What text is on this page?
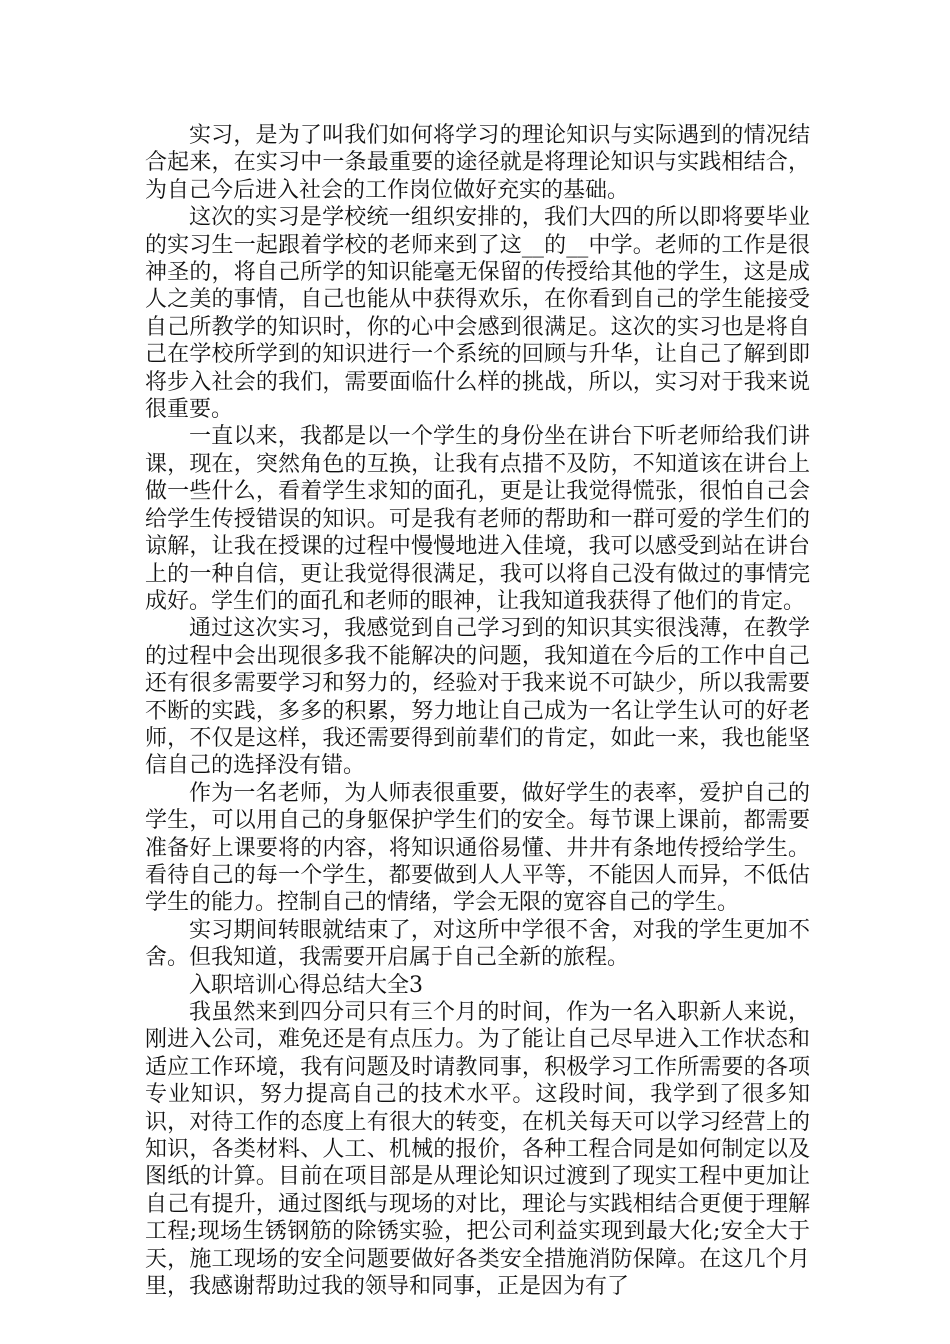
实习，是为了叫我们如何将学习的理论知识与实际遇到的情况结合起来，在实习中一条最重要的途径就是将理论知识与实践相结合，为自己今后进入社会的工作岗位做好充实的基础。

这次的实习是学校统一组织安排的，我们大四的所以即将要毕业的实习生一起跟着学校的老师来到了这__的__中学。老师的工作是很神圣的，将自己所学的知识能毫无保留的传授给其他的学生，这是成人之美的事情，自己也能从中获得欢乐，在你看到自己的学生能接受自己所教学的知识时，你的心中会感到很满足。这次的实习也是将自己在学校所学到的知识进行一个系统的回顾与升华，让自己了解到即将步入社会的我们，需要面临什么样的挑战，所以，实习对于我来说很重要。

一直以来，我都是以一个学生的身份坐在讲台下听老师给我们讲课，现在，突然角色的互换，让我有点措不及防，不知道该在讲台上做一些什么，看着学生求知的面孔，更是让我觉得慌张，很怕自己会给学生传授错误的知识。可是我有老师的帮助和一群可爱的学生们的谅解，让我在授课的过程中慢慢地进入佳境，我可以感受到站在讲台上的一种自信，更让我觉得很满足，我可以将自己没有做过的事情完成好。学生们的面孔和老师的眼神，让我知道我获得了他们的肯定。

通过这次实习，我感觉到自己学习到的知识其实很浅薄，在教学的过程中会出现很多我不能解决的问题，我知道在今后的工作中自己还有很多需要学习和努力的，经验对于我来说不可缺少，所以我需要不断的实践，多多的积累，努力地让自己成为一名让学生认可的好老师，不仅是这样，我还需要得到前辈们的肯定，如此一来，我也能坚信自己的选择没有错。

作为一名老师，为人师表很重要，做好学生的表率，爱护自己的学生，可以用自己的身躯保护学生们的安全。每节课上课前，都需要准备好上课要将的内容，将知识通俗易懂、井井有条地传授给学生。看待自己的每一个学生，都要做到人人平等，不能因人而异，不低估学生的能力。控制自己的情绪，学会无限的宽容自己的学生。

实习期间转眼就结束了，对这所中学很不舍，对我的学生更加不舍。但我知道，我需要开启属于自己全新的旅程。

入职培训心得总结大全3

我虽然来到四分司只有三个月的时间，作为一名入职新人来说，刚进入公司，难免还是有点压力。为了能让自己尽早进入工作状态和适应工作环境，我有问题及时请教同事，积极学习工作所需要的各项专业知识，努力提高自己的技术水平。这段时间，我学到了很多知识，对待工作的态度上有很大的转变，在机关每天可以学习经营上的知识，各类材料、人工、机械的报价，各种工程合同是如何制定以及图纸的计算。目前在项目部是从理论知识过渡到了现实工程中更加让自己有提升，通过图纸与现场的对比，理论与实践相结合更便于理解工程;现场生锈钢筋的除锈实验，把公司利益实现到最大化;安全大于天，施工现场的安全问题要做好各类安全措施消防保障。在这几个月里，我感谢帮助过我的领导和同事，正是因为有了
